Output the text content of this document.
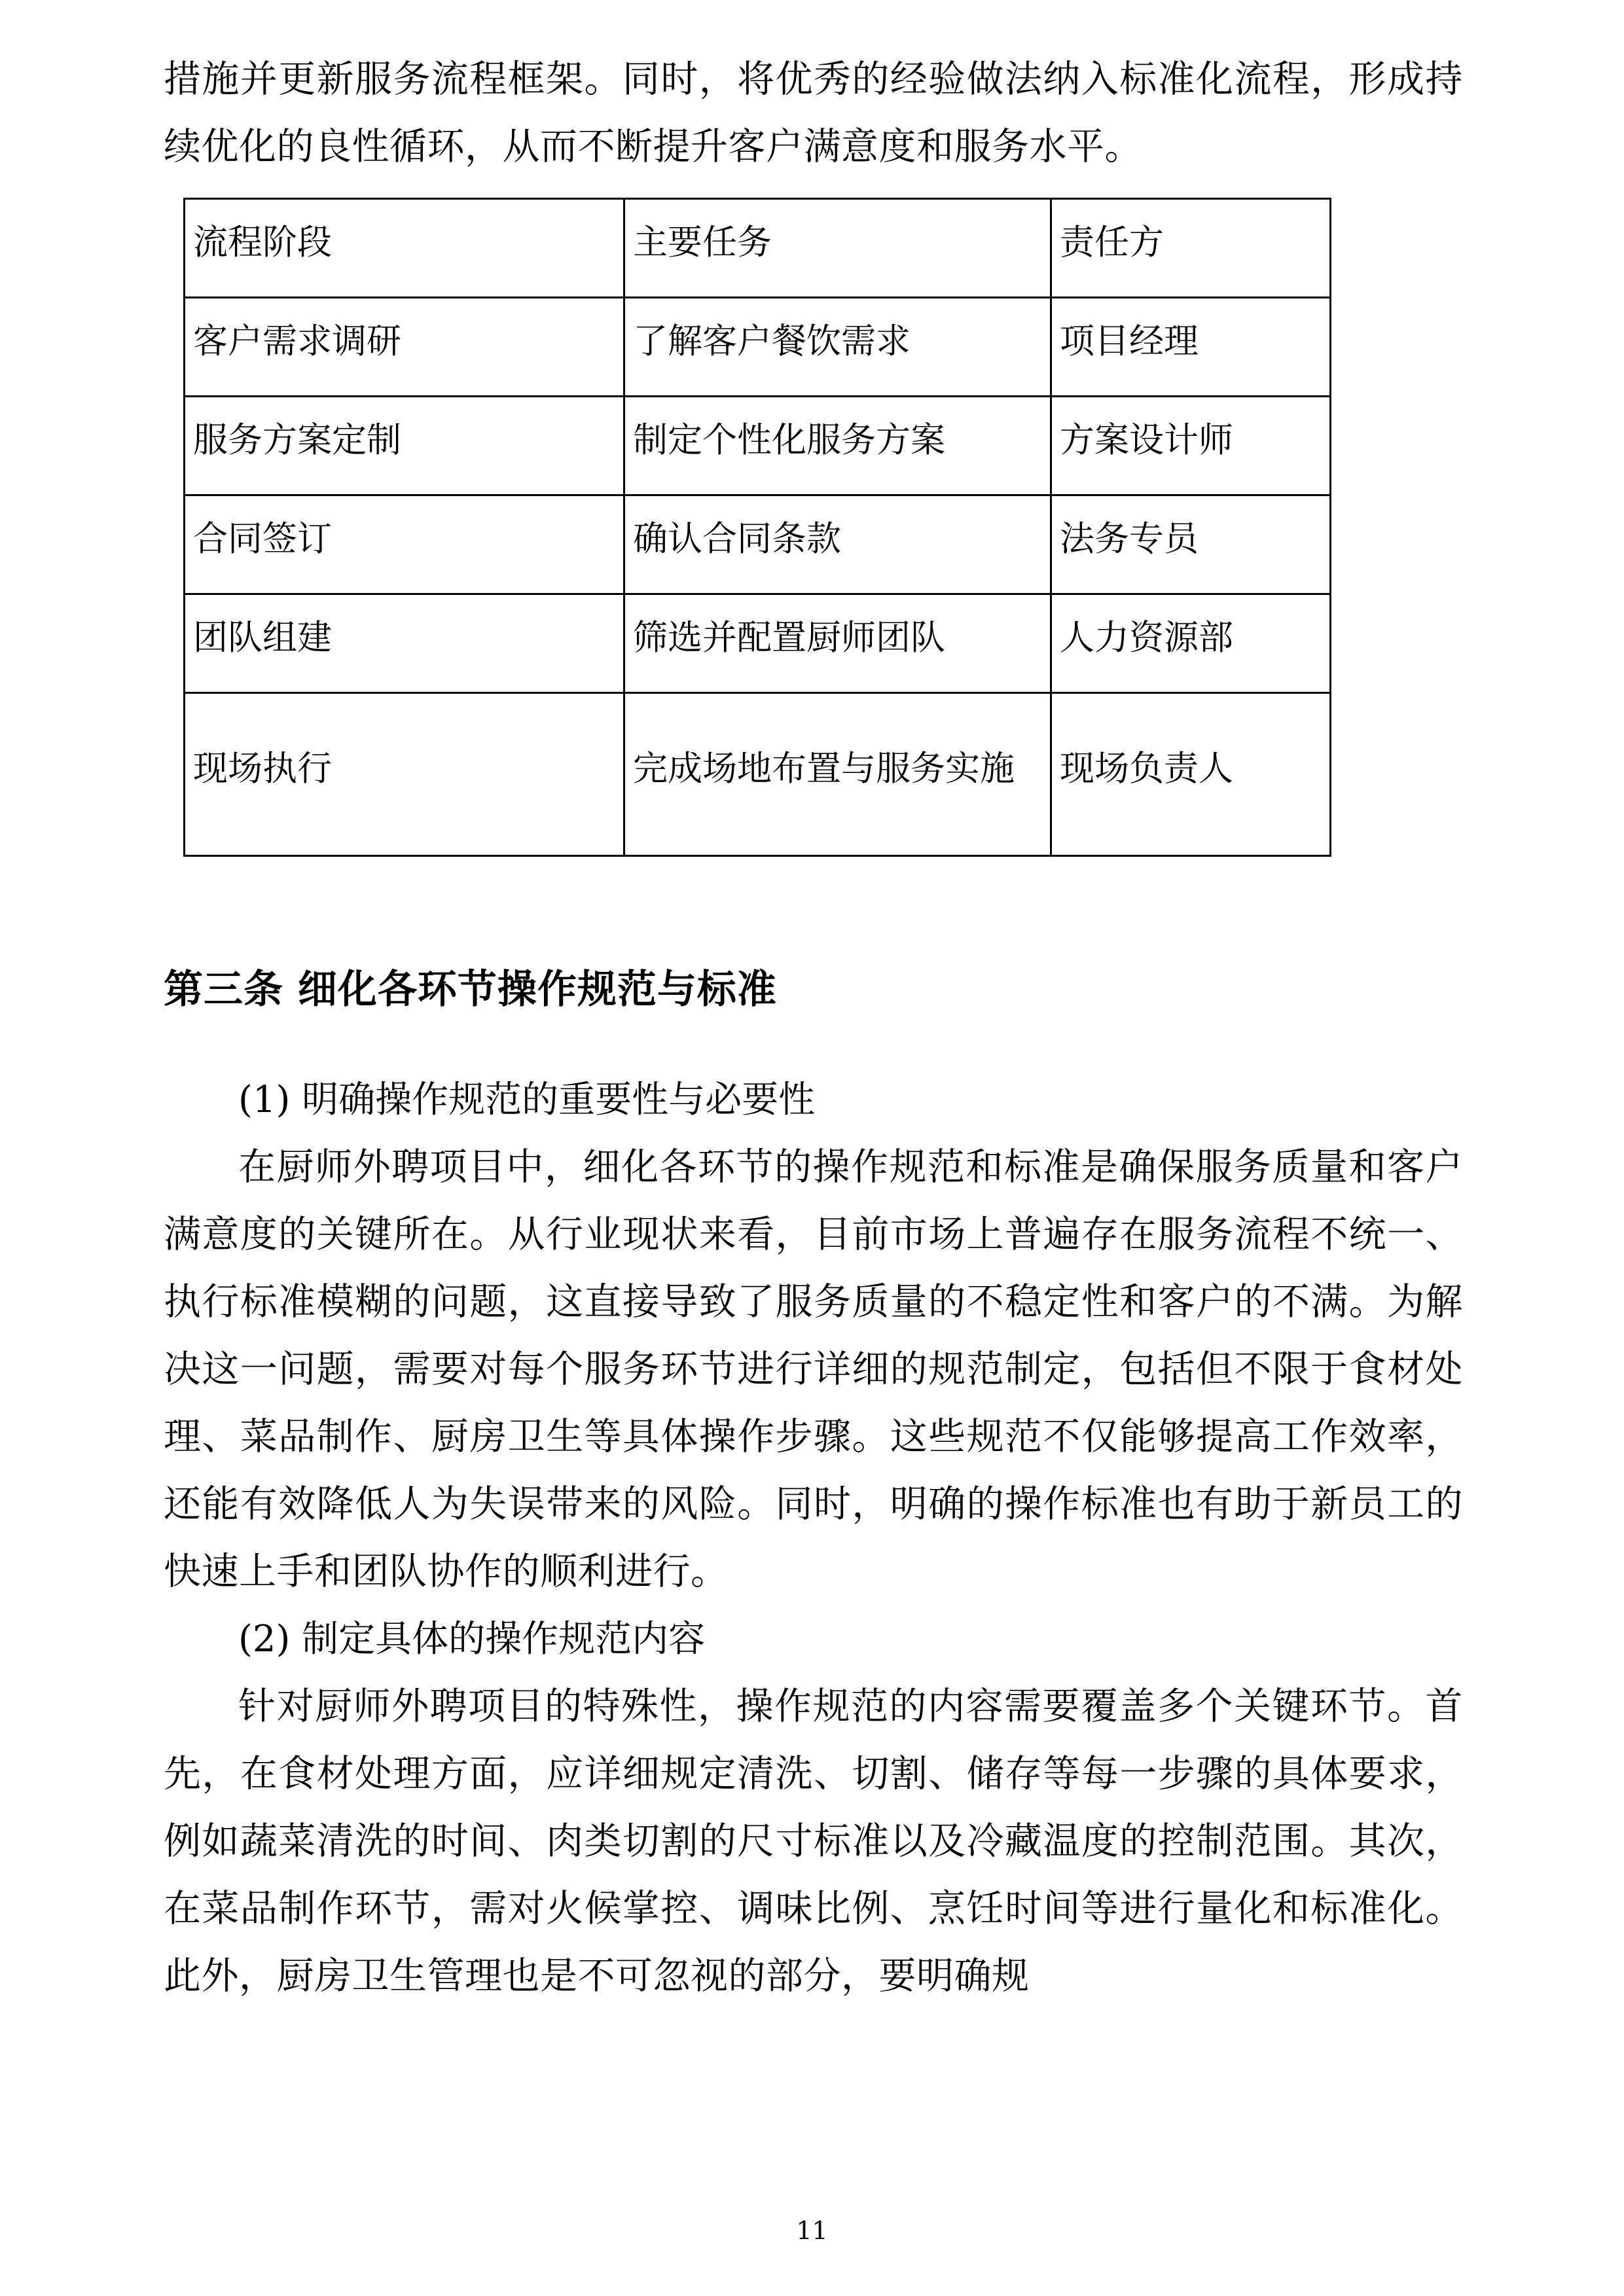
措施并更新服务流程框架。同时，将优秀的经验做法纳入标准化流程，形成持续优化的良性循环，从而不断提升客户满意度和服务水平。

流程阶段	主要任务	责任方
客户需求调研	了解客户餐饮需求	项目经理
服务方案定制	制定个性化服务方案	方案设计师
合同签订	确认合同条款	法务专员
团队组建	筛选并配置厨师团队	人力资源部
现场执行	完成场地布置与服务实施	现场负责人
第三条 细化各环节操作规范与标准

(1) 明确操作规范的重要性与必要性

在厨师外聘项目中，细化各环节的操作规范和标准是确保服务质量和客户满意度的关键所在。从行业现状来看，目前市场上普遍存在服务流程不统一、执行标准模糊的问题，这直接导致了服务质量的不稳定性和客户的不满。为解决这一问题，需要对每个服务环节进行详细的规范制定，包括但不限于食材处理、菜品制作、厨房卫生等具体操作步骤。这些规范不仅能够提高工作效率，还能有效降低人为失误带来的风险。同时，明确的操作标准也有助于新员工的快速上手和团队协作的顺利进行。

(2) 制定具体的操作规范内容

针对厨师外聘项目的特殊性，操作规范的内容需要覆盖多个关键环节。首先，在食材处理方面，应详细规定清洗、切割、储存等每一步骤的具体要求，例如蔬菜清洗的时间、肉类切割的尺寸标准以及冷藏温度的控制范围。其次，在菜品制作环节，需对火候掌控、调味比例、烹饪时间等进行量化和标准化。此外，厨房卫生管理也是不可忽视的部分，要明确规

11
